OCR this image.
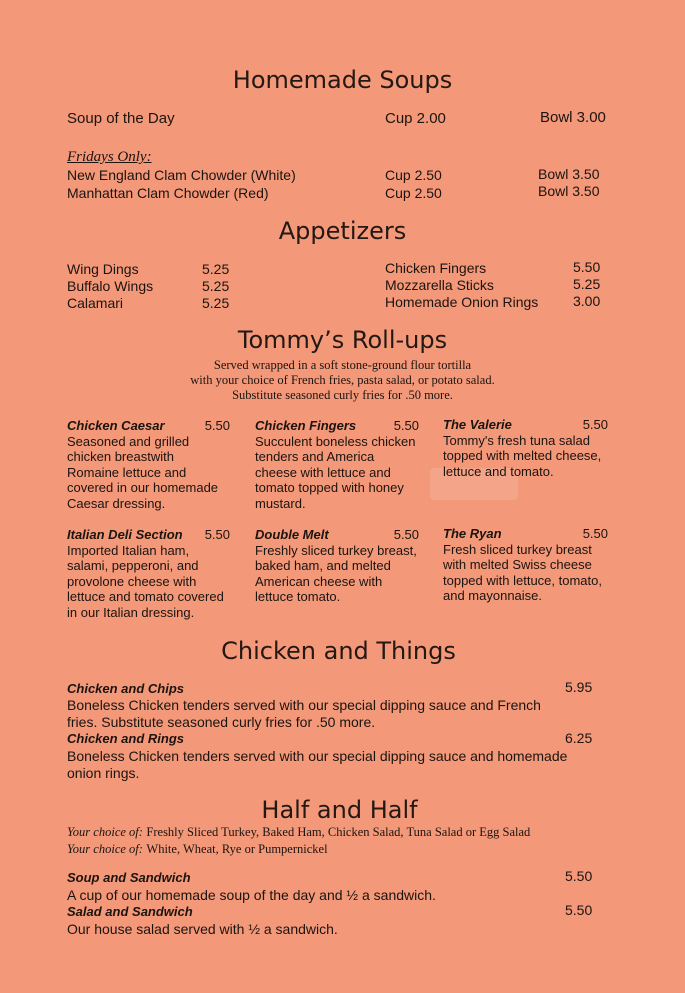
Homemade Soups
Soup of the Day	Cup 2.00	Bowl 3.00
Fridays Only:
New England Clam Chowder (White)	Cup 2.50	Bowl 3.50
Manhattan Clam Chowder (Red)	Cup 2.50	Bowl 3.50
Appetizers
Wing Dings	5.25
Buffalo Wings	5.25
Calamari	5.25
Chicken Fingers	5.50
Mozzarella Sticks	5.25
Homemade Onion Rings 3.00
Tommy’s Roll-ups
Served wrapped in a soft stone-ground flour tortilla
with your choice of French fries, pasta salad, or potato salad.
Substitute seasoned curly fries for .50 more.
Chicken Caesar	5.50
Seasoned and grilled
chicken breastwith
Romaine lettuce and
covered in our homemade
Caesar dressing.
Chicken Fingers	5.50
Succulent boneless chicken
tenders and America
cheese with lettuce and
tomato topped with honey
mustard.
The Valerie	5.50
Tommy's fresh tuna salad
topped with melted cheese,
lettuce and tomato.
Italian Deli Section	5.50
Imported Italian ham,
salami, pepperoni, and
provolone cheese with
lettuce and tomato covered
in our Italian dressing.
Double Melt	5.50
Freshly sliced turkey breast,
baked ham, and melted
American cheese with
lettuce tomato.
The Ryan	5.50
Fresh sliced turkey breast
with melted Swiss cheese
topped with lettuce, tomato,
and mayonnaise.
Chicken and Things
Chicken and Chips	5.95
Boneless Chicken tenders served with our special dipping sauce and French
fries. Substitute seasoned curly fries for .50 more.
Chicken and Rings	6.25
Boneless Chicken tenders served with our special dipping sauce and homemade
onion rings.
Half and Half
Your choice of: Freshly Sliced Turkey, Baked Ham, Chicken Salad, Tuna Salad or Egg Salad
Your choice of: White, Wheat, Rye or Pumpernickel
Soup and Sandwich	5.50
A cup of our homemade soup of the day and ½ a sandwich.
Salad and Sandwich	5.50
Our house salad served with ½ a sandwich.
